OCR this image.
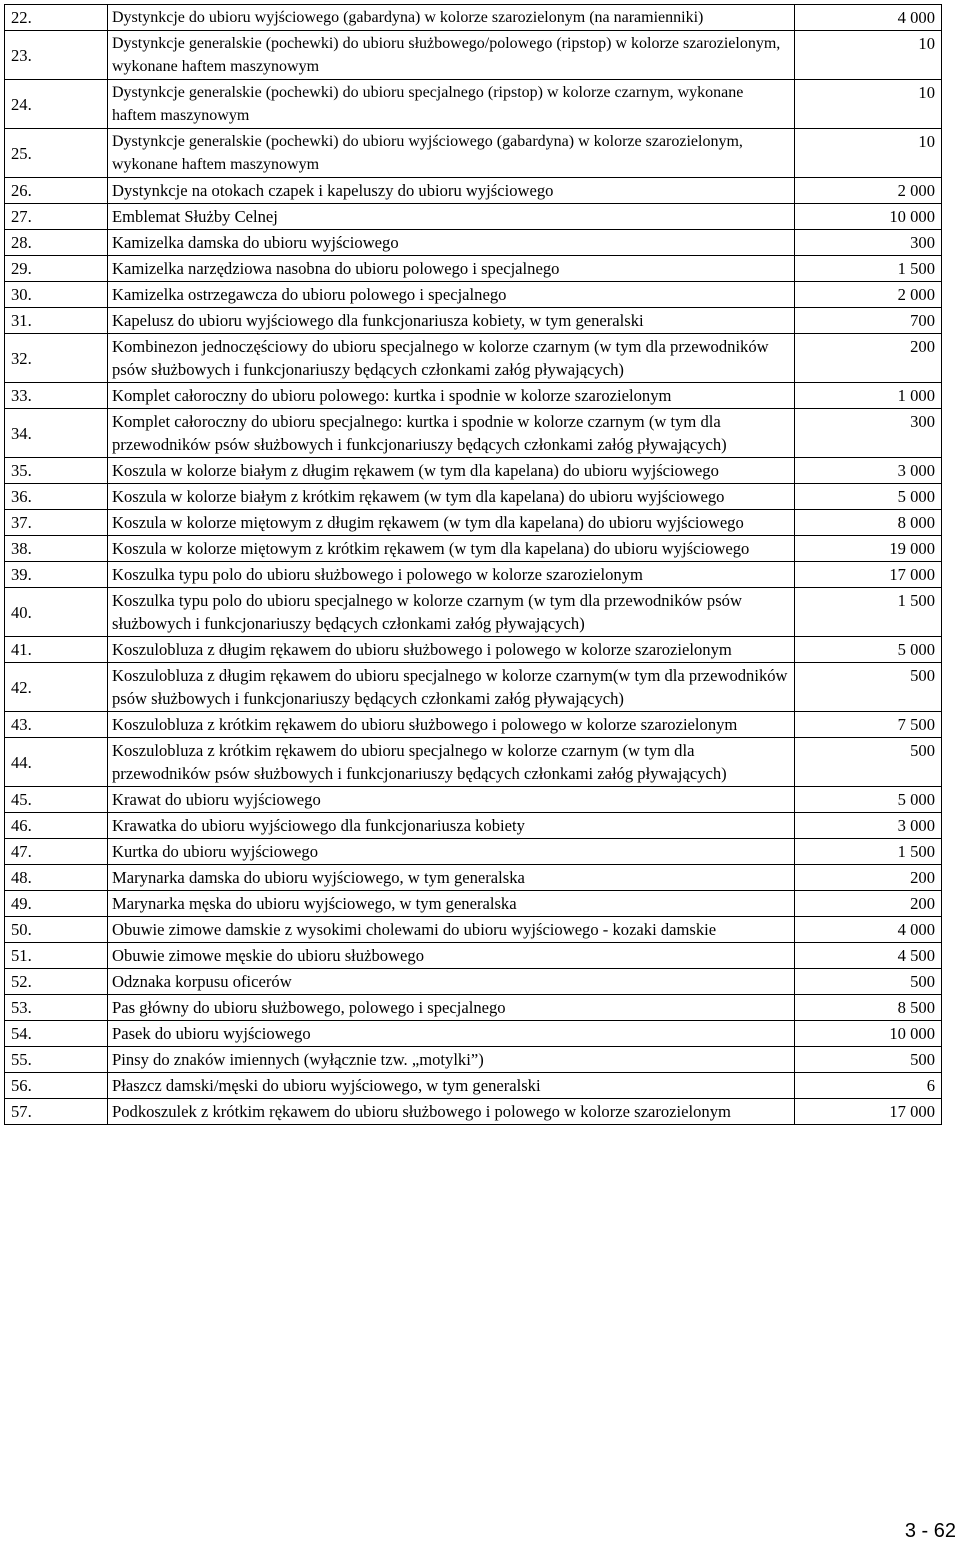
22.	Dystynkcje do ubioru wyjściowego (gabardyna) w kolorze szarozielonym (na naramienniki)	4 000
23.	Dystynkcje generalskie (pochewki) do ubioru służbowego/polowego (ripstop) w kolorze szarozielonym, wykonane haftem maszynowym	10
24.	Dystynkcje generalskie (pochewki) do ubioru specjalnego (ripstop) w kolorze czarnym, wykonane haftem maszynowym	10
25.	Dystynkcje generalskie (pochewki) do ubioru wyjściowego (gabardyna) w kolorze szarozielonym, wykonane haftem maszynowym	10
26.	Dystynkcje na otokach czapek i kapeluszy do ubioru wyjściowego	2 000
27.	Emblemat Służby Celnej	10 000
28.	Kamizelka damska do ubioru wyjściowego	300
29.	Kamizelka narzędziowa nasobna do ubioru polowego i specjalnego	1 500
30.	Kamizelka ostrzegawcza do ubioru polowego i specjalnego	2 000
31.	Kapelusz do ubioru wyjściowego dla funkcjonariusza kobiety, w tym generalski	700
32.	Kombinezon jednoczęściowy do ubioru specjalnego w kolorze czarnym (w tym dla przewodników psów służbowych i funkcjonariuszy będących członkami załóg pływających)	200
33.	Komplet całoroczny do ubioru polowego: kurtka i spodnie w kolorze szarozielonym	1 000
34.	Komplet całoroczny do ubioru specjalnego: kurtka i spodnie w kolorze czarnym (w tym dla przewodników psów służbowych i funkcjonariuszy będących członkami załóg pływających)	300
35.	Koszula w kolorze białym z długim rękawem (w tym dla kapelana) do ubioru wyjściowego	3 000
36.	Koszula w kolorze białym z krótkim rękawem (w tym dla kapelana) do ubioru wyjściowego	5 000
37.	Koszula w kolorze miętowym z długim rękawem (w tym dla kapelana) do ubioru wyjściowego	8 000
38.	Koszula w kolorze miętowym z krótkim rękawem (w tym dla kapelana) do ubioru wyjściowego	19 000
39.	Koszulka typu polo do ubioru służbowego i polowego w kolorze szarozielonym	17 000
40.	Koszulka typu polo do ubioru specjalnego w kolorze czarnym (w tym dla przewodników psów służbowych i funkcjonariuszy będących członkami załóg pływających)	1 500
41.	Koszulobluza z długim rękawem do ubioru służbowego i polowego w kolorze szarozielonym	5 000
42.	Koszulobluza z długim rękawem do ubioru specjalnego w kolorze czarnym(w tym dla przewodników psów służbowych i funkcjonariuszy będących członkami załóg pływających)	500
43.	Koszulobluza z krótkim rękawem do ubioru służbowego i polowego w kolorze szarozielonym	7 500
44.	Koszulobluza z krótkim rękawem do ubioru specjalnego w kolorze czarnym (w tym dla przewodników psów służbowych i funkcjonariuszy będących członkami załóg pływających)	500
45.	Krawat do ubioru wyjściowego	5 000
46.	Krawatka do ubioru wyjściowego dla funkcjonariusza kobiety	3 000
47.	Kurtka do ubioru wyjściowego	1 500
48.	Marynarka damska do ubioru wyjściowego, w tym generalska	200
49.	Marynarka męska do ubioru wyjściowego, w tym generalska	200
50.	Obuwie zimowe damskie z wysokimi cholewami do ubioru wyjściowego - kozaki damskie	4 000
51.	Obuwie zimowe męskie do ubioru służbowego	4 500
52.	Odznaka korpusu oficerów	500
53.	Pas główny do ubioru służbowego, polowego i specjalnego	8 500
54.	Pasek do ubioru wyjściowego	10 000
55.	Pinsy do znaków imiennych (wyłącznie tzw. „motylki”)	500
56.	Płaszcz damski/męski do ubioru wyjściowego, w tym generalski	6
57.	Podkoszulek z krótkim rękawem do ubioru służbowego i polowego w kolorze szarozielonym	17 000
3 - 62
